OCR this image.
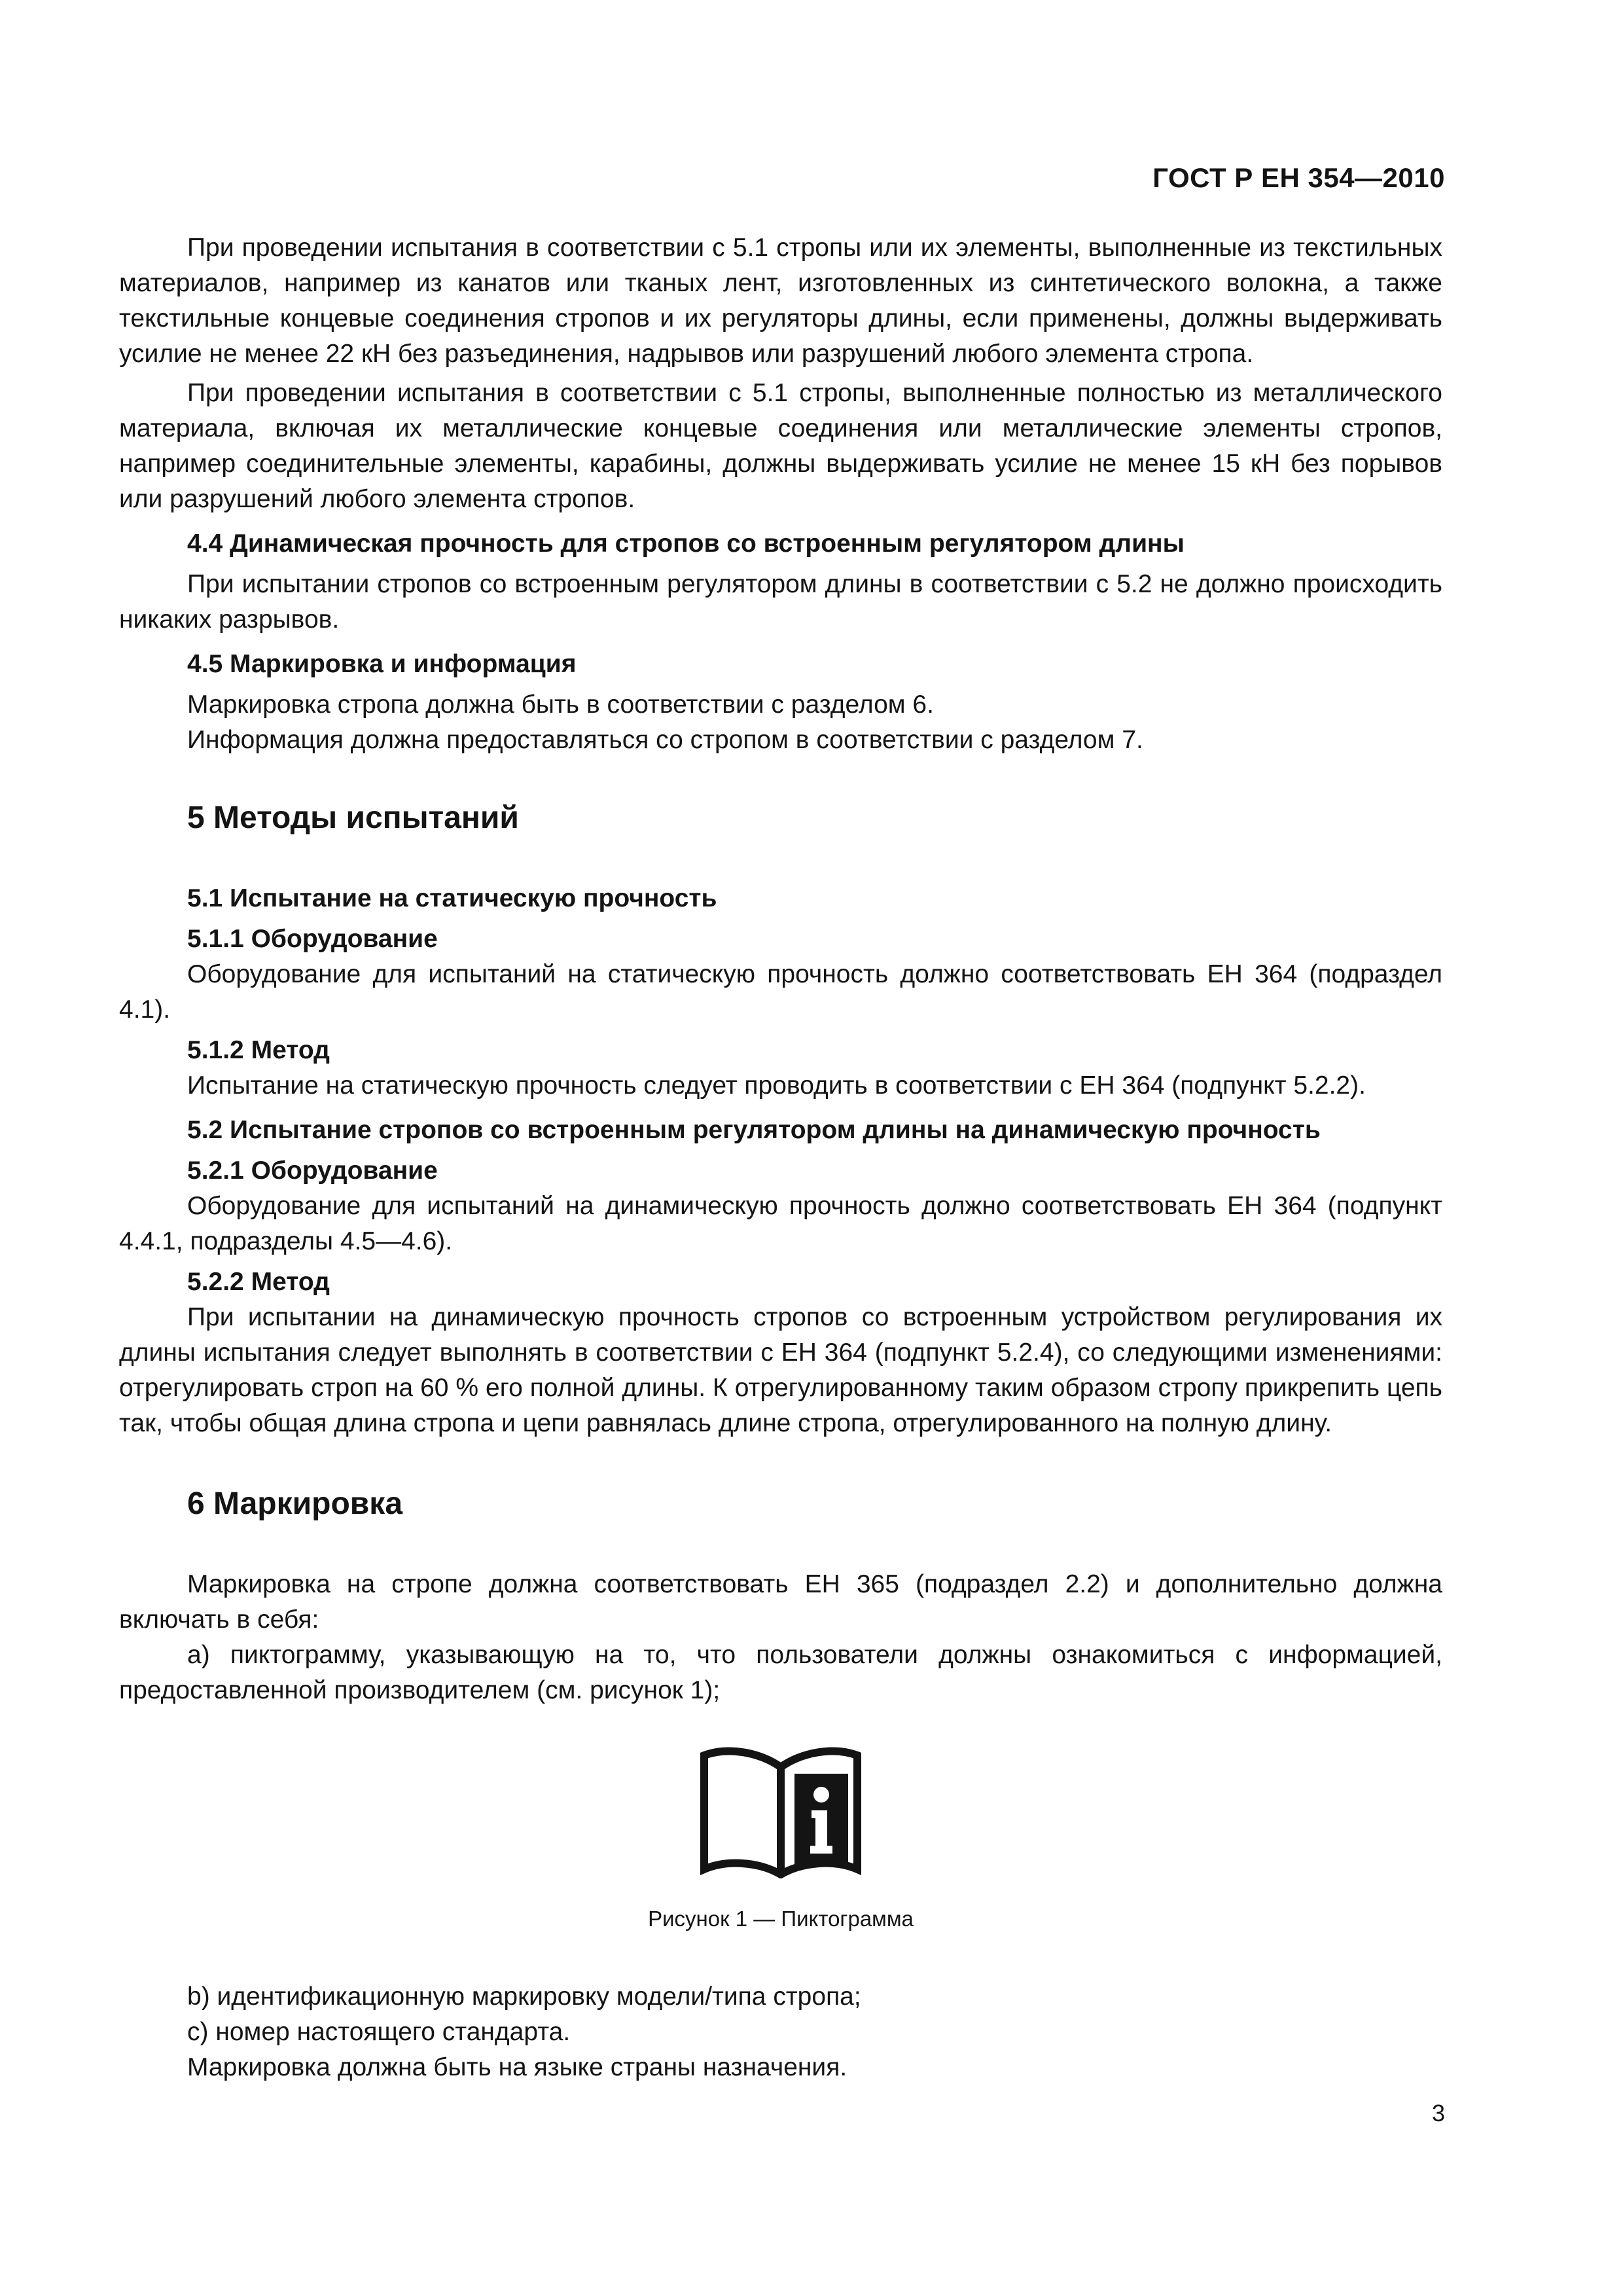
ГОСТ Р ЕН 354—2010

При проведении испытания в соответствии с 5.1 стропы или их элементы, выполненные из текстильных материалов, например из канатов или тканых лент, изготовленных из синтетического волокна, а также текстильные концевые соединения стропов и их регуляторы длины, если применены, должны выдерживать усилие не менее 22 кН без разъединения, надрывов или разрушений любого элемента стропа.

При проведении испытания в соответствии с 5.1 стропы, выполненные полностью из металлического материала, включая их металлические концевые соединения или металлические элементы стропов, например соединительные элементы, карабины, должны выдерживать усилие не менее 15 кН без порывов или разрушений любого элемента стропов.

4.4 Динамическая прочность для стропов со встроенным регулятором длины

При испытании стропов со встроенным регулятором длины в соответствии с 5.2 не должно происходить никаких разрывов.

4.5 Маркировка и информация

Маркировка стропа должна быть в соответствии с разделом 6.

Информация должна предоставляться со стропом в соответствии с разделом 7.

5 Методы испытаний
5.1 Испытание на статическую прочность
5.1.1 Оборудование

Оборудование для испытаний на статическую прочность должно соответствовать ЕН 364 (подраздел 4.1).

5.1.2 Метод

Испытание на статическую прочность следует проводить в соответствии с ЕН 364 (подпункт 5.2.2).

5.2 Испытание стропов со встроенным регулятором длины на динамическую прочность
5.2.1 Оборудование

Оборудование для испытаний на динамическую прочность должно соответствовать ЕН 364 (подпункт 4.4.1, подразделы 4.5—4.6).

5.2.2 Метод

При испытании на динамическую прочность стропов со встроенным устройством регулирования их длины испытания следует выполнять в соответствии с ЕН 364 (подпункт 5.2.4), со следующими изменениями: отрегулировать строп на 60 % его полной длины. К отрегулированному таким образом стропу прикрепить цепь так, чтобы общая длина стропа и цепи равнялась длине стропа, отрегулированного на полную длину.

6 Маркировка

Маркировка на стропе должна соответствовать ЕН 365 (подраздел 2.2) и дополнительно должна включать в себя:

a) пиктограмму, указывающую на то, что пользователи должны ознакомиться с информацией, предоставленной производителем (см. рисунок 1);

Рисунок 1 — Пиктограмма

b) идентификационную маркировку модели/типа стропа;

c) номер настоящего стандарта.

Маркировка должна быть на языке страны назначения.

3
